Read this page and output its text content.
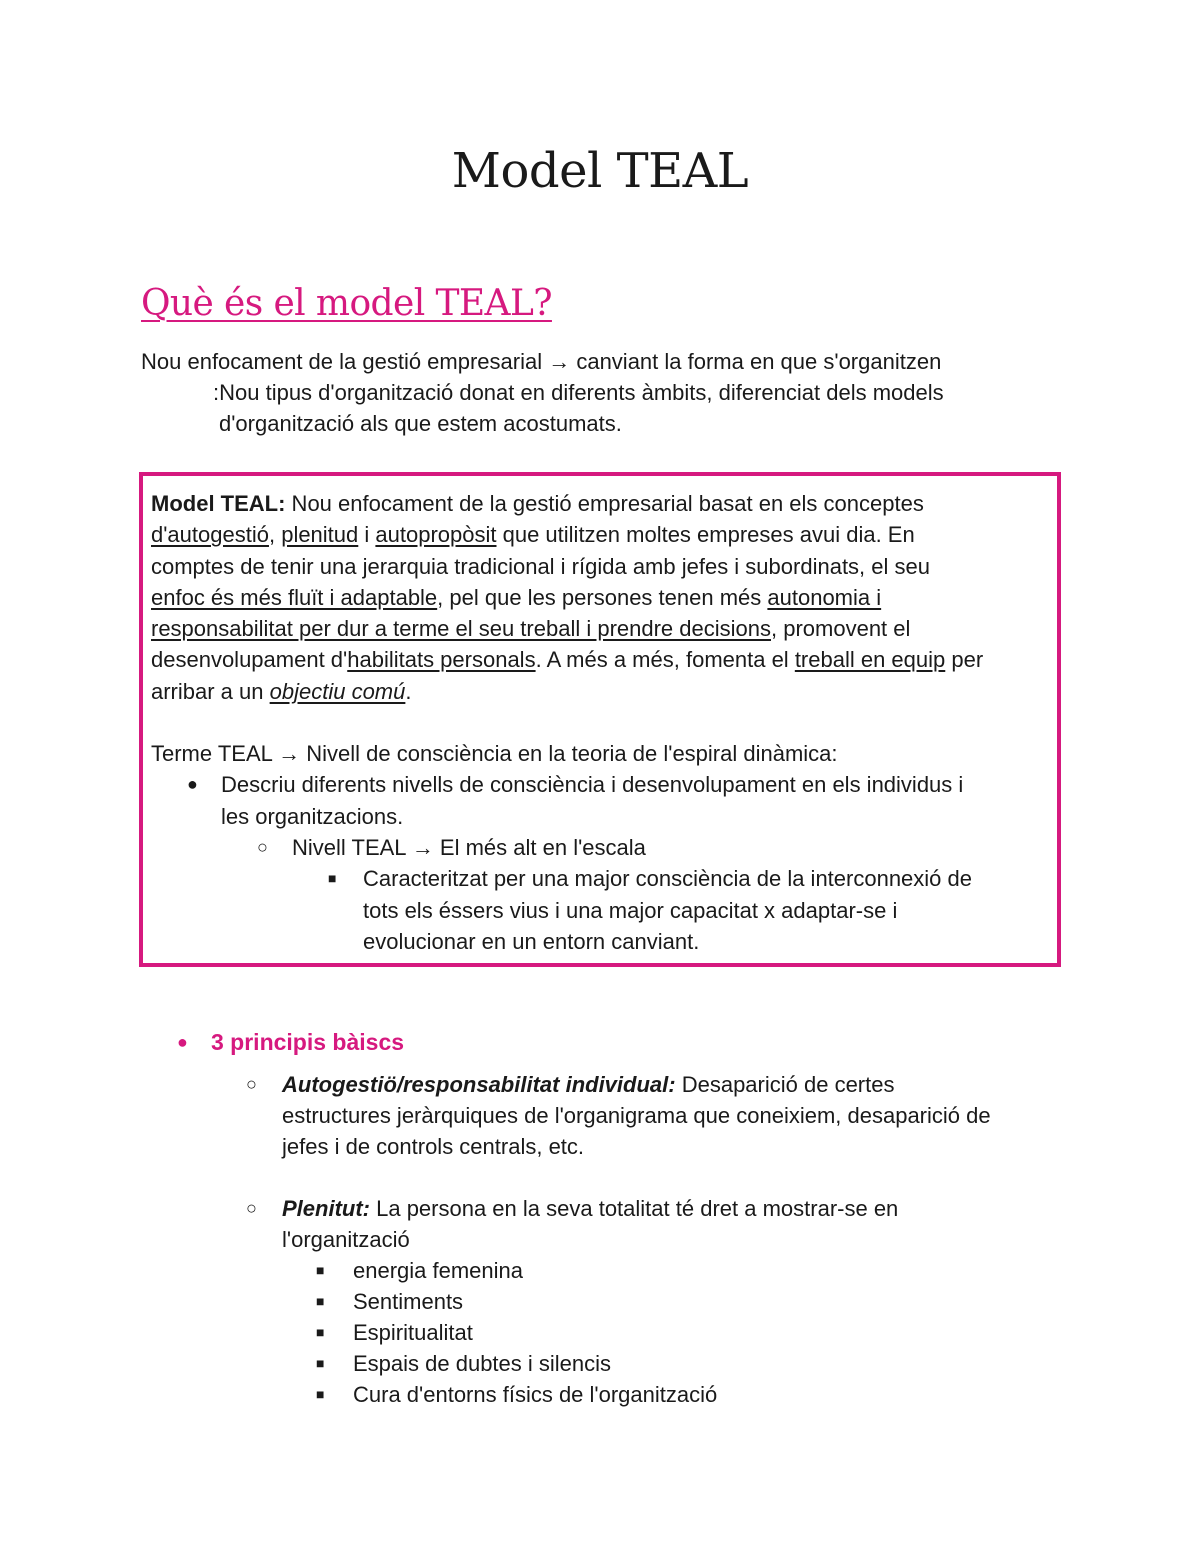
Model TEAL
Què és el model TEAL?

Nou enfocament de la gestió empresarial → canviant la forma en que s'organitzen

:Nou tipus d'organització donat en diferents àmbits, diferenciat dels models

d'organització als que estem acostumats.

Model TEAL: Nou enfocament de la gestió empresarial basat en els conceptes
d'autogestió, plenitud i autopropòsit que utilitzen moltes empreses avui dia. En
comptes de tenir una jerarquia tradicional i rígida amb jefes i subordinats, el seu
enfoc és més fluït i adaptable, pel que les persones tenen més autonomia i
responsabilitat per dur a terme el seu treball i prendre decisions, promovent el
desenvolupament d'habilitats personals. A més a més, fomenta el treball en equip per
arribar a un objectiu comú.

Terme TEAL → Nivell de consciència en la teoria de l'espiral dinàmica:

● Descriu diferents nivells de consciència i desenvolupament en els individus i
les organitzacions.

○ Nivell TEAL → El més alt en l'escala

■ Caracteritzat per una major consciència de la interconnexió de
tots els éssers vius i una major capacitat x adaptar-se i
evolucionar en un entorn canviant.

● 3 principis bàiscs

○ Autogestiö/responsabilitat individual: Desaparició de certes
estructures jeràrquiques de l'organigrama que coneixiem, desaparició de
jefes i de controls centrals, etc.

○ Plenitut: La persona en la seva totalitat té dret a mostrar-se en
l'organització

■ energia femenina

■ Sentiments

■ Espiritualitat

■ Espais de dubtes i silencis

■ Cura d'entorns físics de l'organització
